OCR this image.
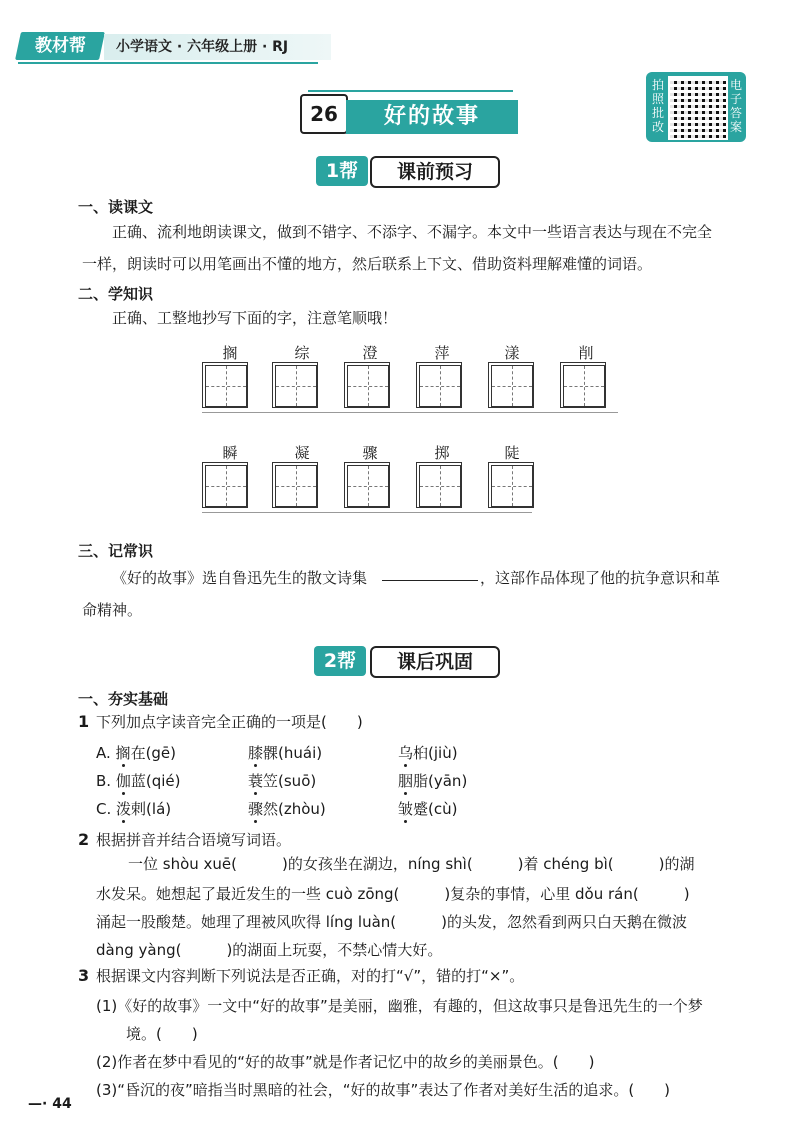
教材帮	小学语文 · 六年级上册 · RJ
26	好的故事
拍照批改
电子答案
1帮	课前预习
一、读课文
正确、流利地朗读课文，做到不错字、不添字、不漏字。本文中一些语言表达与现在不完全
一样，朗读时可以用笔画出不懂的地方，然后联系上下文、借助资料理解难懂的词语。
二、学知识
正确、工整地抄写下面的字，注意笔顺哦！
搁	综	澄	萍	漾	削
瞬	凝	骤	掷	陡
三、记常识
《好的故事》选自鲁迅先生的散文诗集	，这部作品体现了他的抗争意识和革
命精神。
2帮	课后巩固
一、夯实基础
1 下列加点字读音完全正确的一项是(　　)
A. 搁在(gē)	膝髁(huái)	乌桕(jiù)
B. 伽蓝(qié)	蓑笠(suō)	胭脂(yān)
C. 泼剌(lá)	骤然(zhòu)	皱蹙(cù)
2 根据拼音并结合语境写词语。
一位 shòu xuē(　　　)的女孩坐在湖边，níng shì(　　　)着 chéng bì(　　　)的湖
水发呆。她想起了最近发生的一些 cuò zōng(　　　)复杂的事情，心里 dǒu rán(　　　)
涌起一股酸楚。她理了理被风吹得 líng luàn(　　　)的头发，忽然看到两只白天鹅在微波
dàng yàng(　　　)的湖面上玩耍，不禁心情大好。
3 根据课文内容判断下列说法是否正确，对的打“√”，错的打“×”。
(1)《好的故事》一文中“好的故事”是美丽，幽雅，有趣的，但这故事只是鲁迅先生的一个梦
境。(　　)
(2)作者在梦中看见的“好的故事”就是作者记忆中的故乡的美丽景色。(　　)
(3)“昏沉的夜”暗指当时黑暗的社会，“好的故事”表达了作者对美好生活的追求。(　　)
—· 44
